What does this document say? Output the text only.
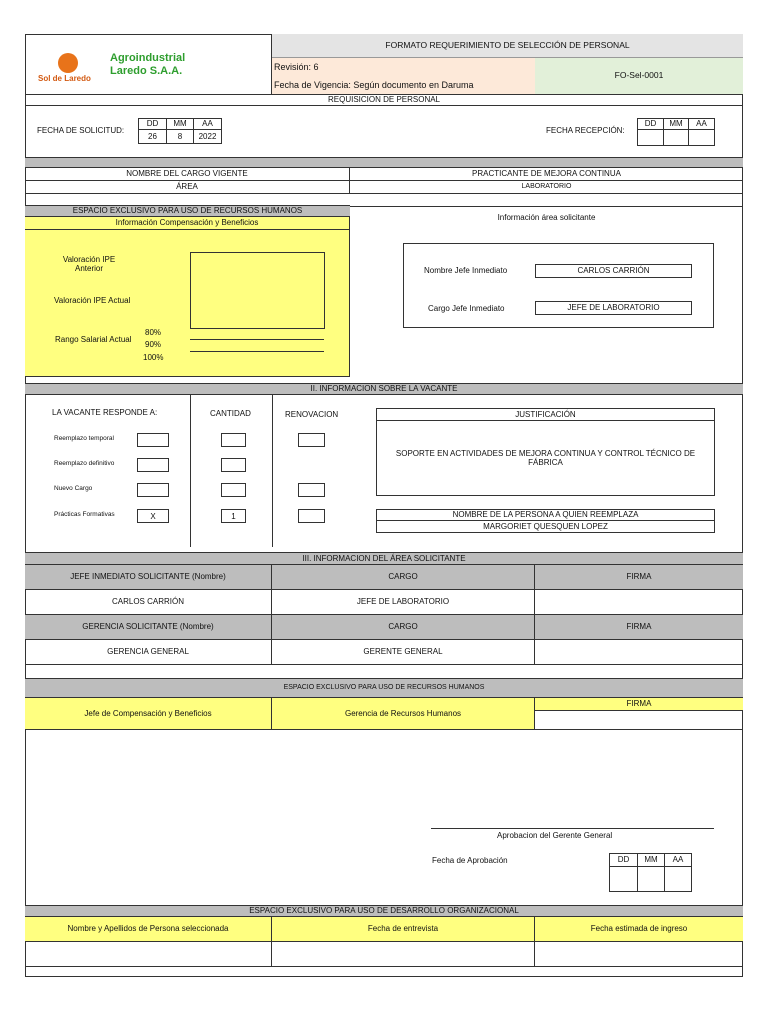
Sol de Laredo
Agroindustrial
Laredo S.A.A.
FORMATO REQUERIMIENTO DE SELECCIÓN DE PERSONAL
Revisión: 6
Fecha de Vigencia: Según documento en Daruma
FO-Sel-0001
REQUISICION DE PERSONAL
FECHA DE SOLICITUD:
DD	MM	AA
26	8	2022
FECHA RECEPCIÓN:
DD	MM	AA
NOMBRE DEL CARGO VIGENTE	PRACTICANTE DE MEJORA CONTINUA
ÁREA	LABORATORIO
ESPACIO EXCLUSIVO PARA USO DE RECURSOS HUMANOS
Información Compensación y Beneficios
Valoración IPE Anterior
Valoración IPE Actual
Rango Salarial Actual
80%
90%
100%
Información área solicitante
Nombre Jefe Inmediato	CARLOS CARRIÓN
Cargo Jefe Inmediato	JEFE DE LABORATORIO
II. INFORMACION SOBRE LA VACANTE
LA VACANTE RESPONDE A:	CANTIDAD	RENOVACION
Reemplazo temporal
Reemplazo definitivo
Nuevo Cargo
Prácticas Formativas	X	1
JUSTIFICACIÓN
SOPORTE EN ACTIVIDADES DE MEJORA CONTINUA Y CONTROL TÉCNICO DE FÁBRICA
NOMBRE DE LA PERSONA A QUIEN REEMPLAZA
MARGORIET QUESQUEN LOPEZ
III. INFORMACION DEL ÁREA SOLICITANTE
JEFE INMEDIATO SOLICITANTE (Nombre)	CARGO	FIRMA
CARLOS CARRIÓN	JEFE DE LABORATORIO
GERENCIA SOLICITANTE (Nombre)	CARGO	FIRMA
GERENCIA GENERAL	GERENTE GENERAL
ESPACIO EXCLUSIVO PARA USO DE RECURSOS HUMANOS
Jefe de Compensación y Beneficios	Gerencia de Recursos Humanos
FIRMA
Aprobacion del Gerente General
Fecha de Aprobación	DD	MM	AA
ESPACIO EXCLUSIVO PARA USO DE DESARROLLO ORGANIZACIONAL
Nombre y Apellidos de Persona seleccionada	Fecha de entrevista	Fecha estimada de ingreso
